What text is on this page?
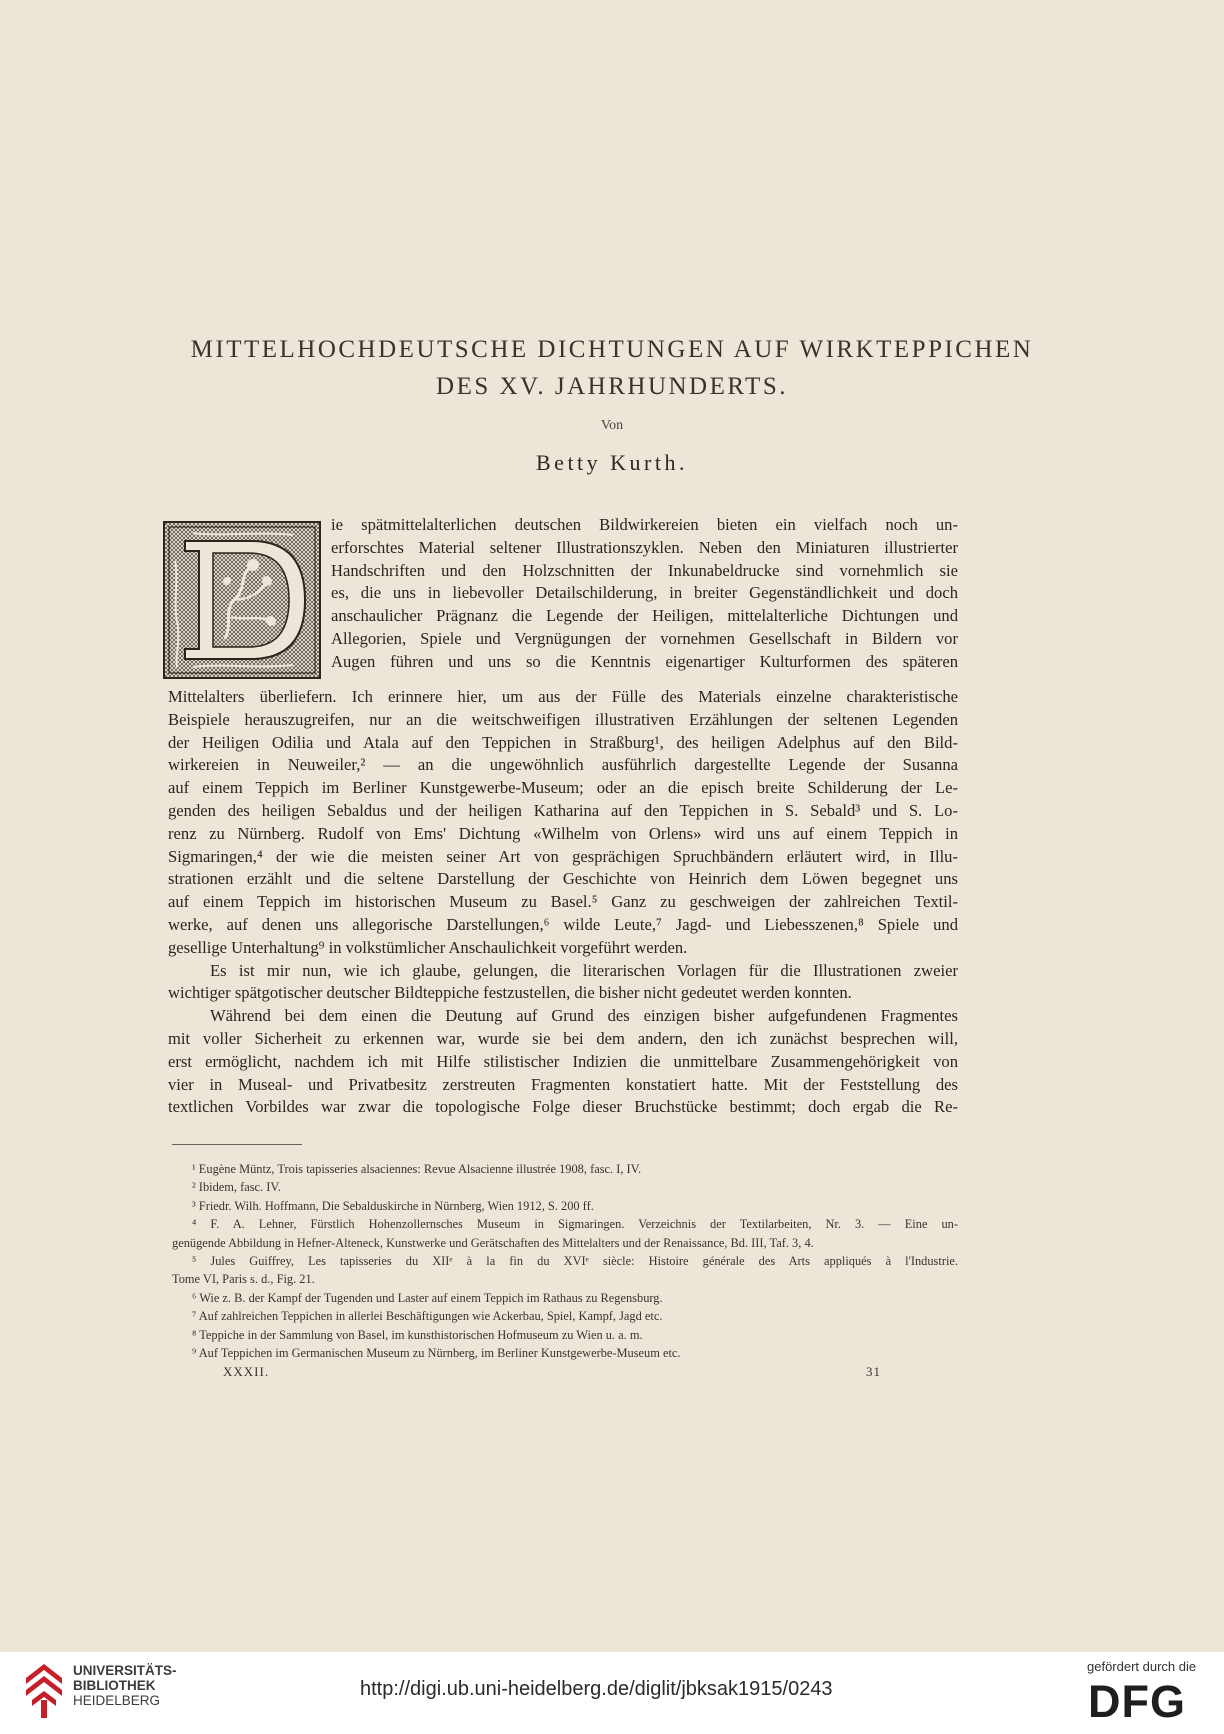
MITTELHOCHDEUTSCHE DICHTUNGEN AUF WIRKTEPPICHEN
DES XV. JAHRHUNDERTS.
Von
Betty Kurth.
ie spätmittelalterlichen deutschen Bildwirkereien bieten ein vielfach noch un-
erforschtes Material seltener Illustrationszyklen. Neben den Miniaturen illustrierter
Handschriften und den Holzschnitten der Inkunabeldrucke sind vornehmlich sie
es, die uns in liebevoller Detailschilderung, in breiter Gegenständlichkeit und doch
anschaulicher Prägnanz die Legende der Heiligen, mittelalterliche Dichtungen und
Allegorien, Spiele und Vergnügungen der vornehmen Gesellschaft in Bildern vor
Augen führen und uns so die Kenntnis eigenartiger Kulturformen des späteren
Mittelalters überliefern. Ich erinnere hier, um aus der Fülle des Materials einzelne charakteristische
Beispiele herauszugreifen, nur an die weitschweifigen illustrativen Erzählungen der seltenen Legenden
der Heiligen Odilia und Atala auf den Teppichen in Straßburg¹, des heiligen Adelphus auf den Bild-
wirkereien in Neuweiler,² — an die ungewöhnlich ausführlich dargestellte Legende der Susanna
auf einem Teppich im Berliner Kunstgewerbe-Museum; oder an die episch breite Schilderung der Le-
genden des heiligen Sebaldus und der heiligen Katharina auf den Teppichen in S. Sebald³ und S. Lo-
renz zu Nürnberg. Rudolf von Ems' Dichtung «Wilhelm von Orlens» wird uns auf einem Teppich in
Sigmaringen,⁴ der wie die meisten seiner Art von gesprächigen Spruchbändern erläutert wird, in Illu-
strationen erzählt und die seltene Darstellung der Geschichte von Heinrich dem Löwen begegnet uns
auf einem Teppich im historischen Museum zu Basel.⁵ Ganz zu geschweigen der zahlreichen Textil-
werke, auf denen uns allegorische Darstellungen,⁶ wilde Leute,⁷ Jagd- und Liebesszenen,⁸ Spiele und
gesellige Unterhaltung⁹ in volkstümlicher Anschaulichkeit vorgeführt werden.
Es ist mir nun, wie ich glaube, gelungen, die literarischen Vorlagen für die Illustrationen zweier
wichtiger spätgotischer deutscher Bildteppiche festzustellen, die bisher nicht gedeutet werden konnten.
Während bei dem einen die Deutung auf Grund des einzigen bisher aufgefundenen Fragmentes
mit voller Sicherheit zu erkennen war, wurde sie bei dem andern, den ich zunächst besprechen will,
erst ermöglicht, nachdem ich mit Hilfe stilistischer Indizien die unmittelbare Zusammengehörigkeit von
vier in Museal- und Privatbesitz zerstreuten Fragmenten konstatiert hatte. Mit der Feststellung des
textlichen Vorbildes war zwar die topologische Folge dieser Bruchstücke bestimmt; doch ergab die Re-
¹ Eugène Müntz, Trois tapisseries alsaciennes: Revue Alsacienne illustrée 1908, fasc. I, IV.
² Ibidem, fasc. IV.
³ Friedr. Wilh. Hoffmann, Die Sebalduskirche in Nürnberg, Wien 1912, S. 200 ff.
⁴ F. A. Lehner, Fürstlich Hohenzollernsches Museum in Sigmaringen. Verzeichnis der Textilarbeiten, Nr. 3. — Eine un-
genügende Abbildung in Hefner-Alteneck, Kunstwerke und Gerätschaften des Mittelalters und der Renaissance, Bd. III, Taf. 3, 4.
⁵ Jules Guiffrey, Les tapisseries du XIIᵉ à la fin du XVIᵉ siècle: Histoire générale des Arts appliqués à l'Industrie.
Tome VI, Paris s. d., Fig. 21.
⁶ Wie z. B. der Kampf der Tugenden und Laster auf einem Teppich im Rathaus zu Regensburg.
⁷ Auf zahlreichen Teppichen in allerlei Beschäftigungen wie Ackerbau, Spiel, Kampf, Jagd etc.
⁸ Teppiche in der Sammlung von Basel, im kunsthistorischen Hofmuseum zu Wien u. a. m.
⁹ Auf Teppichen im Germanischen Museum zu Nürnberg, im Berliner Kunstgewerbe-Museum etc.
XXXII.	31
UNIVERSITÄTS-
BIBLIOTHEK
HEIDELBERG
http://digi.ub.uni-heidelberg.de/diglit/jbksak1915/0243
gefördert durch die
DFG
